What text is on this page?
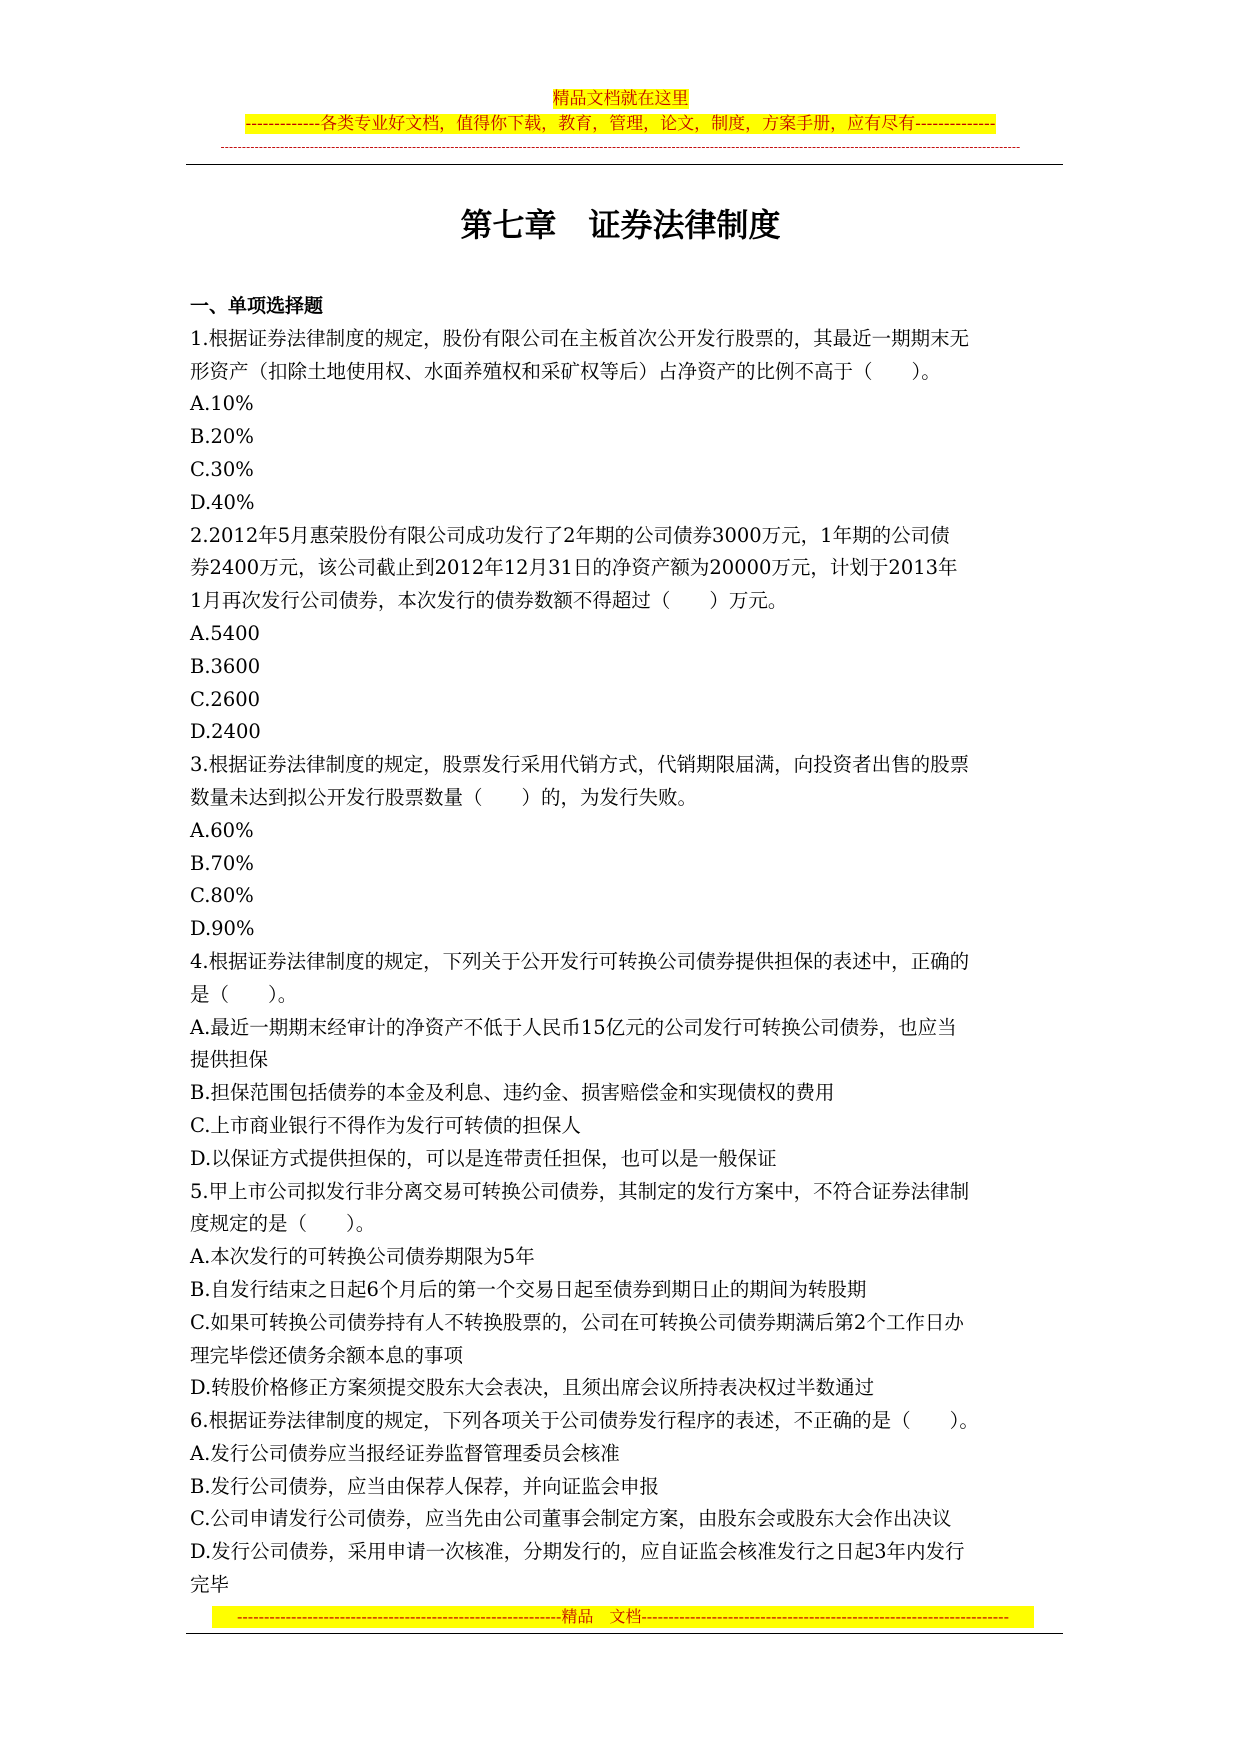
精品文档就在这里
-------------各类专业好文档，值得你下载，教育，管理，论文，制度，方案手册，应有尽有--------------
--------------------------------------------------------------------------------------------------------------------------------------------------------------------------------------------
第七章　证券法律制度
一、单项选择题
1.根据证券法律制度的规定，股份有限公司在主板首次公开发行股票的，其最近一期期末无
形资产（扣除土地使用权、水面养殖权和采矿权等后）占净资产的比例不高于（　　）。
A.10%
B.20%
C.30%
D.40%
2.2012年5月惠荣股份有限公司成功发行了2年期的公司债券3000万元，1年期的公司债
券2400万元，该公司截止到2012年12月31日的净资产额为20000万元，计划于2013年
1月再次发行公司债券，本次发行的债券数额不得超过（　　）万元。
A.5400
B.3600
C.2600
D.2400
3.根据证券法律制度的规定，股票发行采用代销方式，代销期限届满，向投资者出售的股票
数量未达到拟公开发行股票数量（　　）的，为发行失败。
A.60%
B.70%
C.80%
D.90%
4.根据证券法律制度的规定，下列关于公开发行可转换公司债券提供担保的表述中，正确的
是（　　）。
A.最近一期期末经审计的净资产不低于人民币15亿元的公司发行可转换公司债券，也应当
提供担保
B.担保范围包括债券的本金及利息、违约金、损害赔偿金和实现债权的费用
C.上市商业银行不得作为发行可转债的担保人
D.以保证方式提供担保的，可以是连带责任担保，也可以是一般保证
5.甲上市公司拟发行非分离交易可转换公司债券，其制定的发行方案中，不符合证券法律制
度规定的是（　　）。
A.本次发行的可转换公司债券期限为5年
B.自发行结束之日起6个月后的第一个交易日起至债券到期日止的期间为转股期
C.如果可转换公司债券持有人不转换股票的，公司在可转换公司债券期满后第2个工作日办
理完毕偿还债务余额本息的事项
D.转股价格修正方案须提交股东大会表决，且须出席会议所持表决权过半数通过
6.根据证券法律制度的规定，下列各项关于公司债券发行程序的表述，不正确的是（　　）。
A.发行公司债券应当报经证券监督管理委员会核准
B.发行公司债券，应当由保荐人保荐，并向证监会申报
C.公司申请发行公司债券，应当先由公司董事会制定方案，由股东会或股东大会作出决议
D.发行公司债券，采用申请一次核准，分期发行的，应自证监会核准发行之日起3年内发行
完毕
------------------------------------------------------------精品　文档--------------------------------------------------------------------
